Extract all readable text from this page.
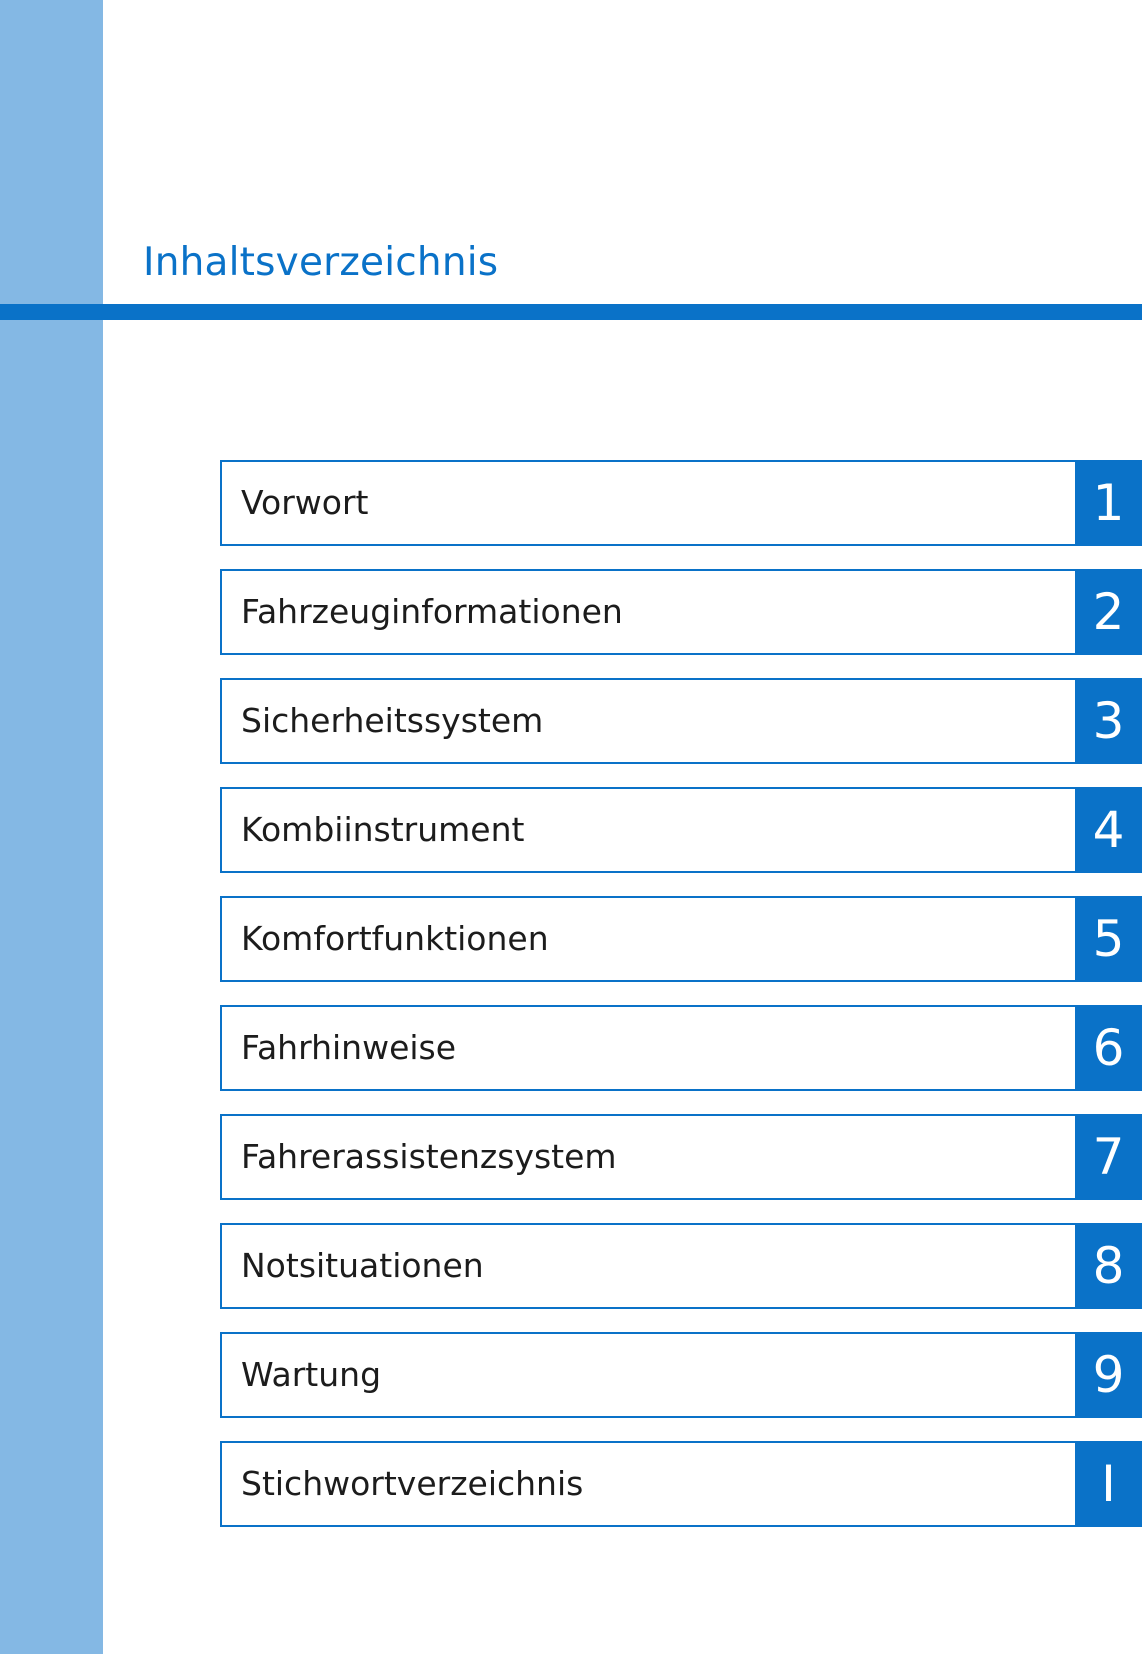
Inhaltsverzeichnis
Vorwort	1
Fahrzeuginformationen	2
Sicherheitssystem	3
Kombiinstrument	4
Komfortfunktionen	5
Fahrhinweise	6
Fahrerassistenzsystem	7
Notsituationen	8
Wartung	9
Stichwortverzeichnis	I
